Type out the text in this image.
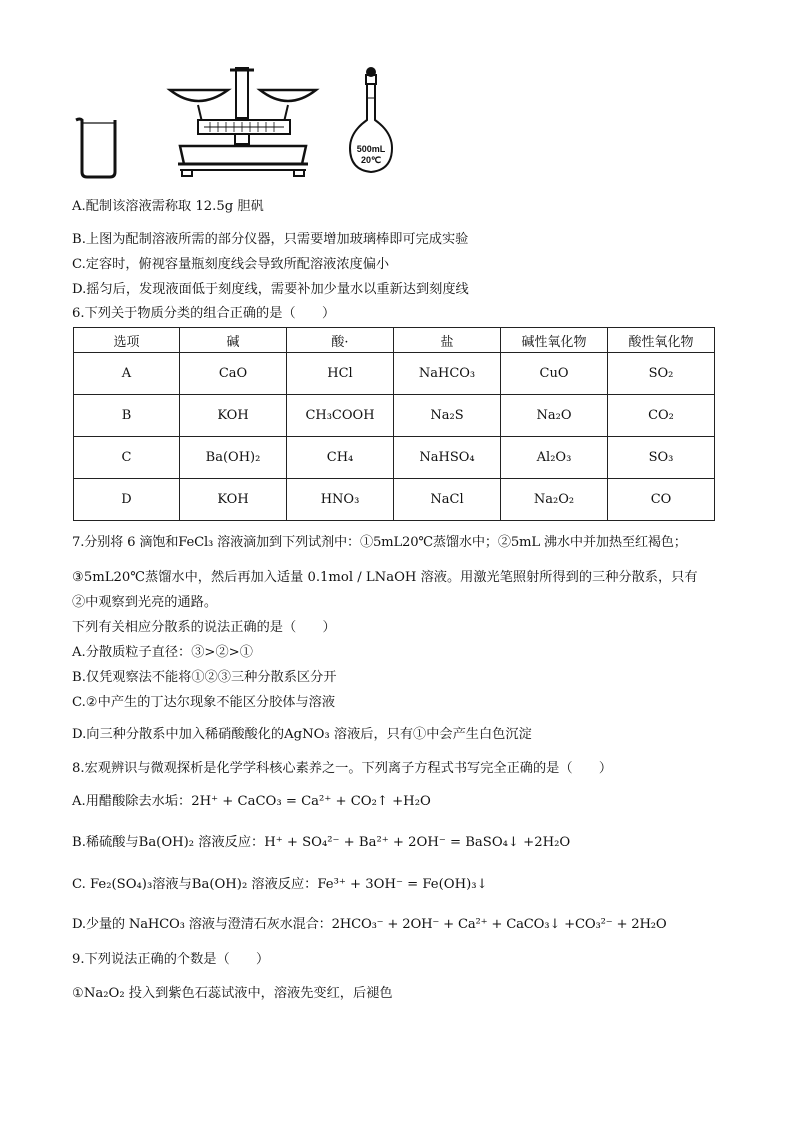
500mL
20℃
A.配制该溶液需称取 12.5g 胆矾
B.上图为配制溶液所需的部分仪器，只需要增加玻璃棒即可完成实验
C.定容时，俯视容量瓶刻度线会导致所配溶液浓度偏小
D.摇匀后，发现液面低于刻度线，需要补加少量水以重新达到刻度线
6.下列关于物质分类的组合正确的是（　　）
选项	碱	酸·	盐	碱性氧化物	酸性氧化物
A	CaO	HCl	NaHCO₃	CuO	SO₂
B	KOH	CH₃COOH	Na₂S	Na₂O	CO₂
C	Ba(OH)₂	CH₄	NaHSO₄	Al₂O₃	SO₃
D	KOH	HNO₃	NaCl	Na₂O₂	CO
7.分别将 6 滴饱和FeCl₃ 溶液滴加到下列试剂中：①5mL20℃蒸馏水中；②5mL 沸水中并加热至红褐色；
③5mL20℃蒸馏水中，然后再加入适量 0.1mol / LNaOH 溶液。用激光笔照射所得到的三种分散系，只有
②中观察到光亮的通路。
下列有关相应分散系的说法正确的是（　　）
A.分散质粒子直径：③>②>①
B.仅凭观察法不能将①②③三种分散系区分开
C.②中产生的丁达尔现象不能区分胶体与溶液
D.向三种分散系中加入稀硝酸酸化的AgNO₃ 溶液后，只有①中会产生白色沉淀
8.宏观辨识与微观探析是化学学科核心素养之一。下列离子方程式书写完全正确的是（　　）
A.用醋酸除去水垢：2H⁺ + CaCO₃ = Ca²⁺ + CO₂↑ +H₂O
B.稀硫酸与Ba(OH)₂ 溶液反应：H⁺ + SO₄²⁻ + Ba²⁺ + 2OH⁻ = BaSO₄↓ +2H₂O
C. Fe₂(SO₄)₃溶液与Ba(OH)₂ 溶液反应：Fe³⁺ + 3OH⁻ = Fe(OH)₃↓
D.少量的 NaHCO₃ 溶液与澄清石灰水混合：2HCO₃⁻ + 2OH⁻ + Ca²⁺ + CaCO₃↓ +CO₃²⁻ + 2H₂O
9.下列说法正确的个数是（　　）
①Na₂O₂ 投入到紫色石蕊试液中，溶液先变红，后褪色
